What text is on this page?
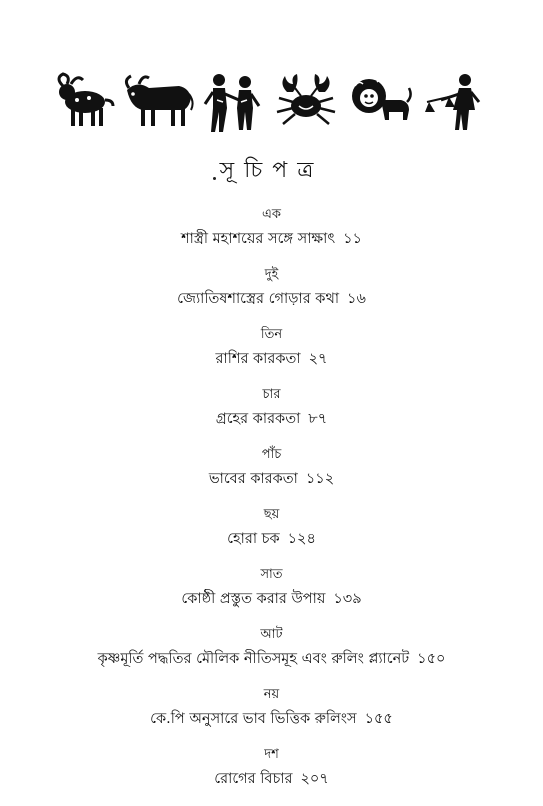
সূচিপত্র
এক
শাস্ত্রী মহাশয়ের সঙ্গে সাক্ষাৎ ১১
দুই
জ্যোতিষশাস্ত্রের গোড়ার কথা ১৬
তিন
রাশির কারকতা ২৭
চার
গ্রহের কারকতা ৮৭
পাঁচ
ভাবের কারকতা ১১২
ছয়
হোরা চক ১২৪
সাত
কোষ্ঠী প্রস্তুত করার উপায় ১৩৯
আট
কৃষ্ণমূর্তি পদ্ধতির মৌলিক নীতিসমূহ এবং রুলিং প্ল্যানেট ১৫০
নয়
কে.পি অনুসারে ভাব ভিত্তিক রুলিংস ১৫৫
দশ
রোগের বিচার ২০৭
